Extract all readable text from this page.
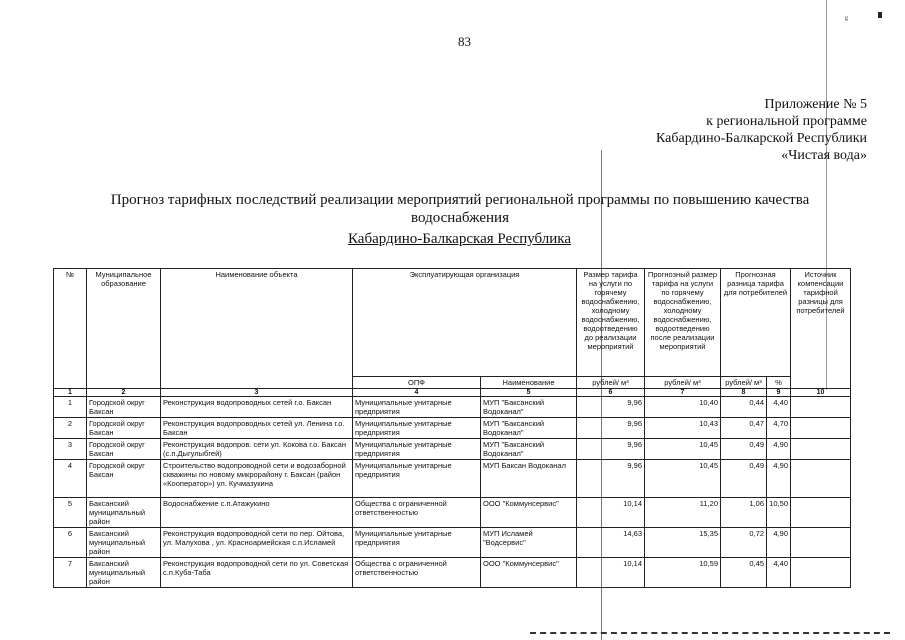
ᵍ
83
Приложение № 5
к региональной программе
Кабардино-Балкарской Республики
«Чистая вода»
Прогноз тарифных последствий реализации мероприятий региональной программы по повышению качества
водоснабжения
Кабардино-Балкарская Республика
№	Муниципальное образование	Наименование объекта	Эксплуатирующая организация		Размер тарифа на услуги по горячему водоснабжению, холодному водоснабжению, водоотведению до реализации мероприятий	Прогнозный размер тарифа на услуги по горячему водоснабжению, холодному водоснабжению, водоотведению после реализации мероприятий	Прогнозная разница тарифа для потребителей		Источник компенсации тарифной разницы для потребителей
			ОПФ	Наименование	рублей/ м³	рублей/ м³	рублей/ м³	%	
1	2	3	4	5	6	7	8	9	10
1	Городской округ Баксан	Реконструкция водопроводных сетей г.о. Баксан	Муниципальные унитарные предприятия	МУП "Баксанский Водоканал"	9,96	10,40	0,44	4,40	
2	Городской округ Баксан	Реконструкция водопроводных сетей ул. Ленина г.о. Баксан	Муниципальные унитарные предприятия	МУП "Баксанский Водоканал"	9,96	10,43	0,47	4,70	
3	Городской округ Баксан	Реконструкция водопров. сети ул. Кокова г.о. Баксан (с.п.Дыгулыбгей)	Муниципальные унитарные предприятия	МУП "Баксанский Водоканал"	9,96	10,45	0,49	4,90	
4	Городской округ Баксан	Строительство водопроводной сети и водозаборной скважины по новому микрорайону г. Баксан (район «Кооператор») ул. Кучмазукина	Муниципальные унитарные предприятия	МУП Баксан Водоканал	9,96	10,45	0,49	4,90	
5	Баксанский муниципальный район	Водоснабжение с.п.Атажукино	Общества с ограниченной ответственностью	ООО "Коммунсервис"	10,14	11,20	1,06	10,50	
6	Баксанский муниципальный район	Реконструкция водопроводной сети по пер. Ойтова, ул. Малухова , ул. Красноармейская с.п.Исламей	Муниципальные унитарные предприятия	МУП Исламей "Водсервис"	14,63	15,35	0,72	4,90	
7	Баксанский муниципальный район	Реконструкция водопроводной сети по ул. Советская с.п.Куба-Таба	Общества с ограниченной ответственностью	ООО "Коммунсервис"	10,14	10,59	0,45	4,40	
